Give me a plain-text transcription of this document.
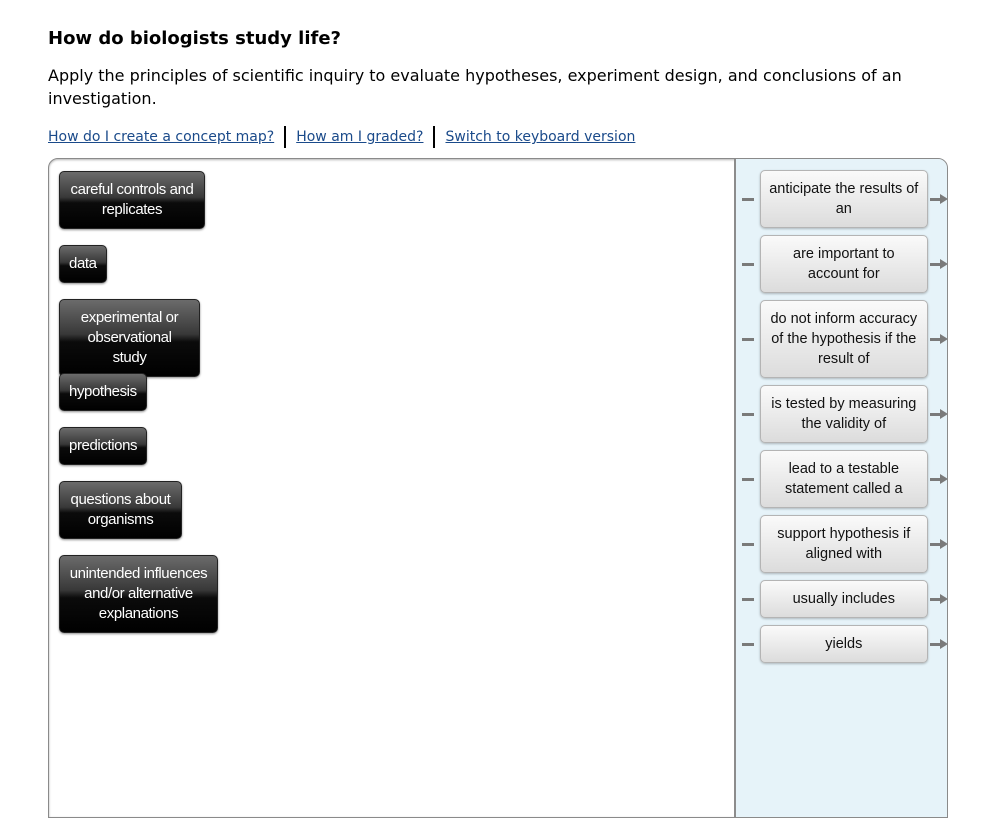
How do biologists study life?

Apply the principles of scientific inquiry to evaluate hypotheses, experiment design, and conclusions of an investigation.

How do I create a concept map? How am I graded? Switch to keyboard version
careful controls and replicates
data
experimental or observational study
hypothesis
predictions
questions about organisms
unintended influences and/or alternative explanations
anticipate the results of an
are important to account for
do not inform accuracy of the hypothesis if the result of
is tested by measuring the validity of
lead to a testable statement called a
support hypothesis if aligned with
usually includes
yields
